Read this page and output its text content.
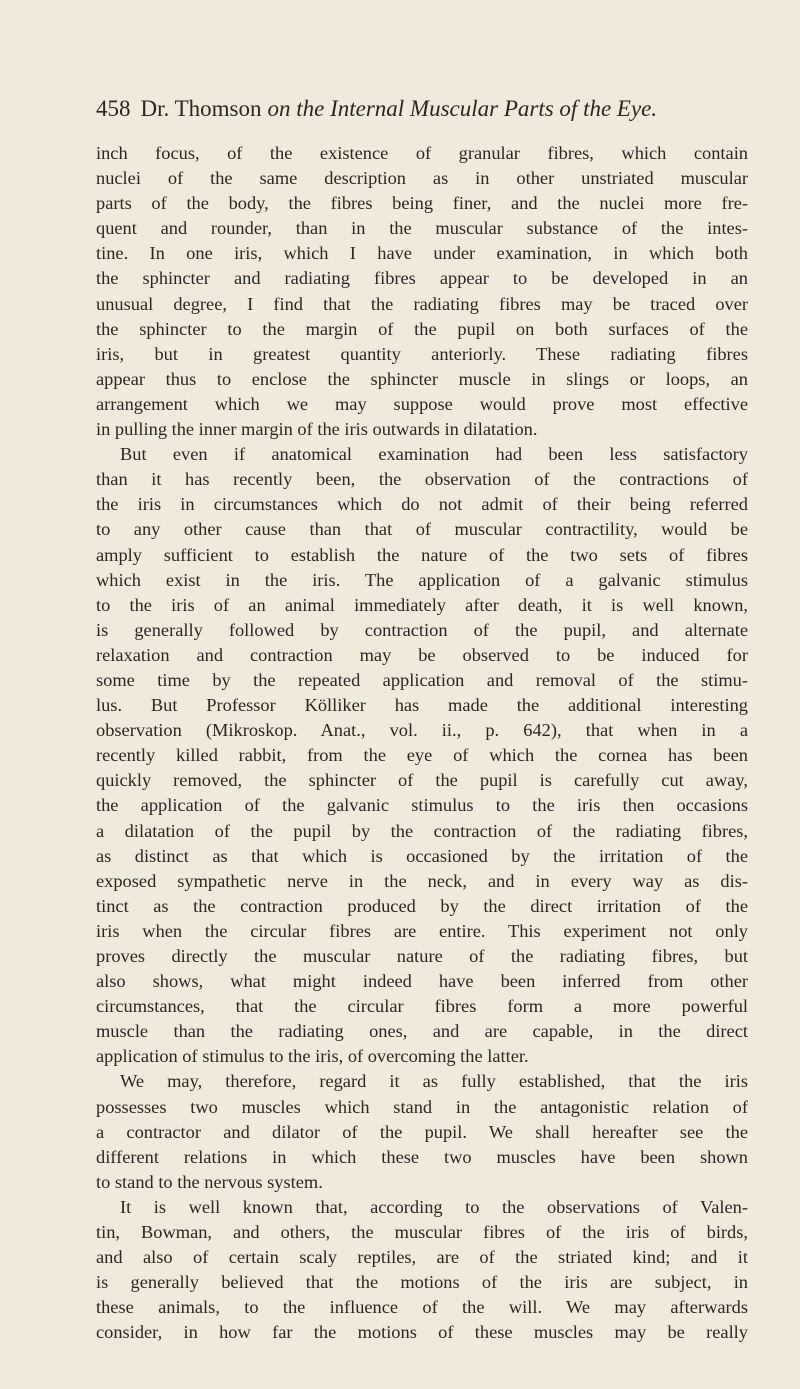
458 Dr. Thomson on the Internal Muscular Parts of the Eye.
inch focus, of the existence of granular fibres, which contain
nuclei of the same description as in other unstriated muscular
parts of the body, the fibres being finer, and the nuclei more fre-
quent and rounder, than in the muscular substance of the intes-
tine. In one iris, which I have under examination, in which both
the sphincter and radiating fibres appear to be developed in an
unusual degree, I find that the radiating fibres may be traced over
the sphincter to the margin of the pupil on both surfaces of the
iris, but in greatest quantity anteriorly. These radiating fibres
appear thus to enclose the sphincter muscle in slings or loops, an
arrangement which we may suppose would prove most effective
in pulling the inner margin of the iris outwards in dilatation.
But even if anatomical examination had been less satisfactory
than it has recently been, the observation of the contractions of
the iris in circumstances which do not admit of their being referred
to any other cause than that of muscular contractility, would be
amply sufficient to establish the nature of the two sets of fibres
which exist in the iris. The application of a galvanic stimulus
to the iris of an animal immediately after death, it is well known,
is generally followed by contraction of the pupil, and alternate
relaxation and contraction may be observed to be induced for
some time by the repeated application and removal of the stimu-
lus. But Professor Kölliker has made the additional interesting
observation (Mikroskop. Anat., vol. ii., p. 642), that when in a
recently killed rabbit, from the eye of which the cornea has been
quickly removed, the sphincter of the pupil is carefully cut away,
the application of the galvanic stimulus to the iris then occasions
a dilatation of the pupil by the contraction of the radiating fibres,
as distinct as that which is occasioned by the irritation of the
exposed sympathetic nerve in the neck, and in every way as dis-
tinct as the contraction produced by the direct irritation of the
iris when the circular fibres are entire. This experiment not only
proves directly the muscular nature of the radiating fibres, but
also shows, what might indeed have been inferred from other
circumstances, that the circular fibres form a more powerful
muscle than the radiating ones, and are capable, in the direct
application of stimulus to the iris, of overcoming the latter.
We may, therefore, regard it as fully established, that the iris
possesses two muscles which stand in the antagonistic relation of
a contractor and dilator of the pupil. We shall hereafter see the
different relations in which these two muscles have been shown
to stand to the nervous system.
It is well known that, according to the observations of Valen-
tin, Bowman, and others, the muscular fibres of the iris of birds,
and also of certain scaly reptiles, are of the striated kind; and it
is generally believed that the motions of the iris are subject, in
these animals, to the influence of the will. We may afterwards
consider, in how far the motions of these muscles may be really
